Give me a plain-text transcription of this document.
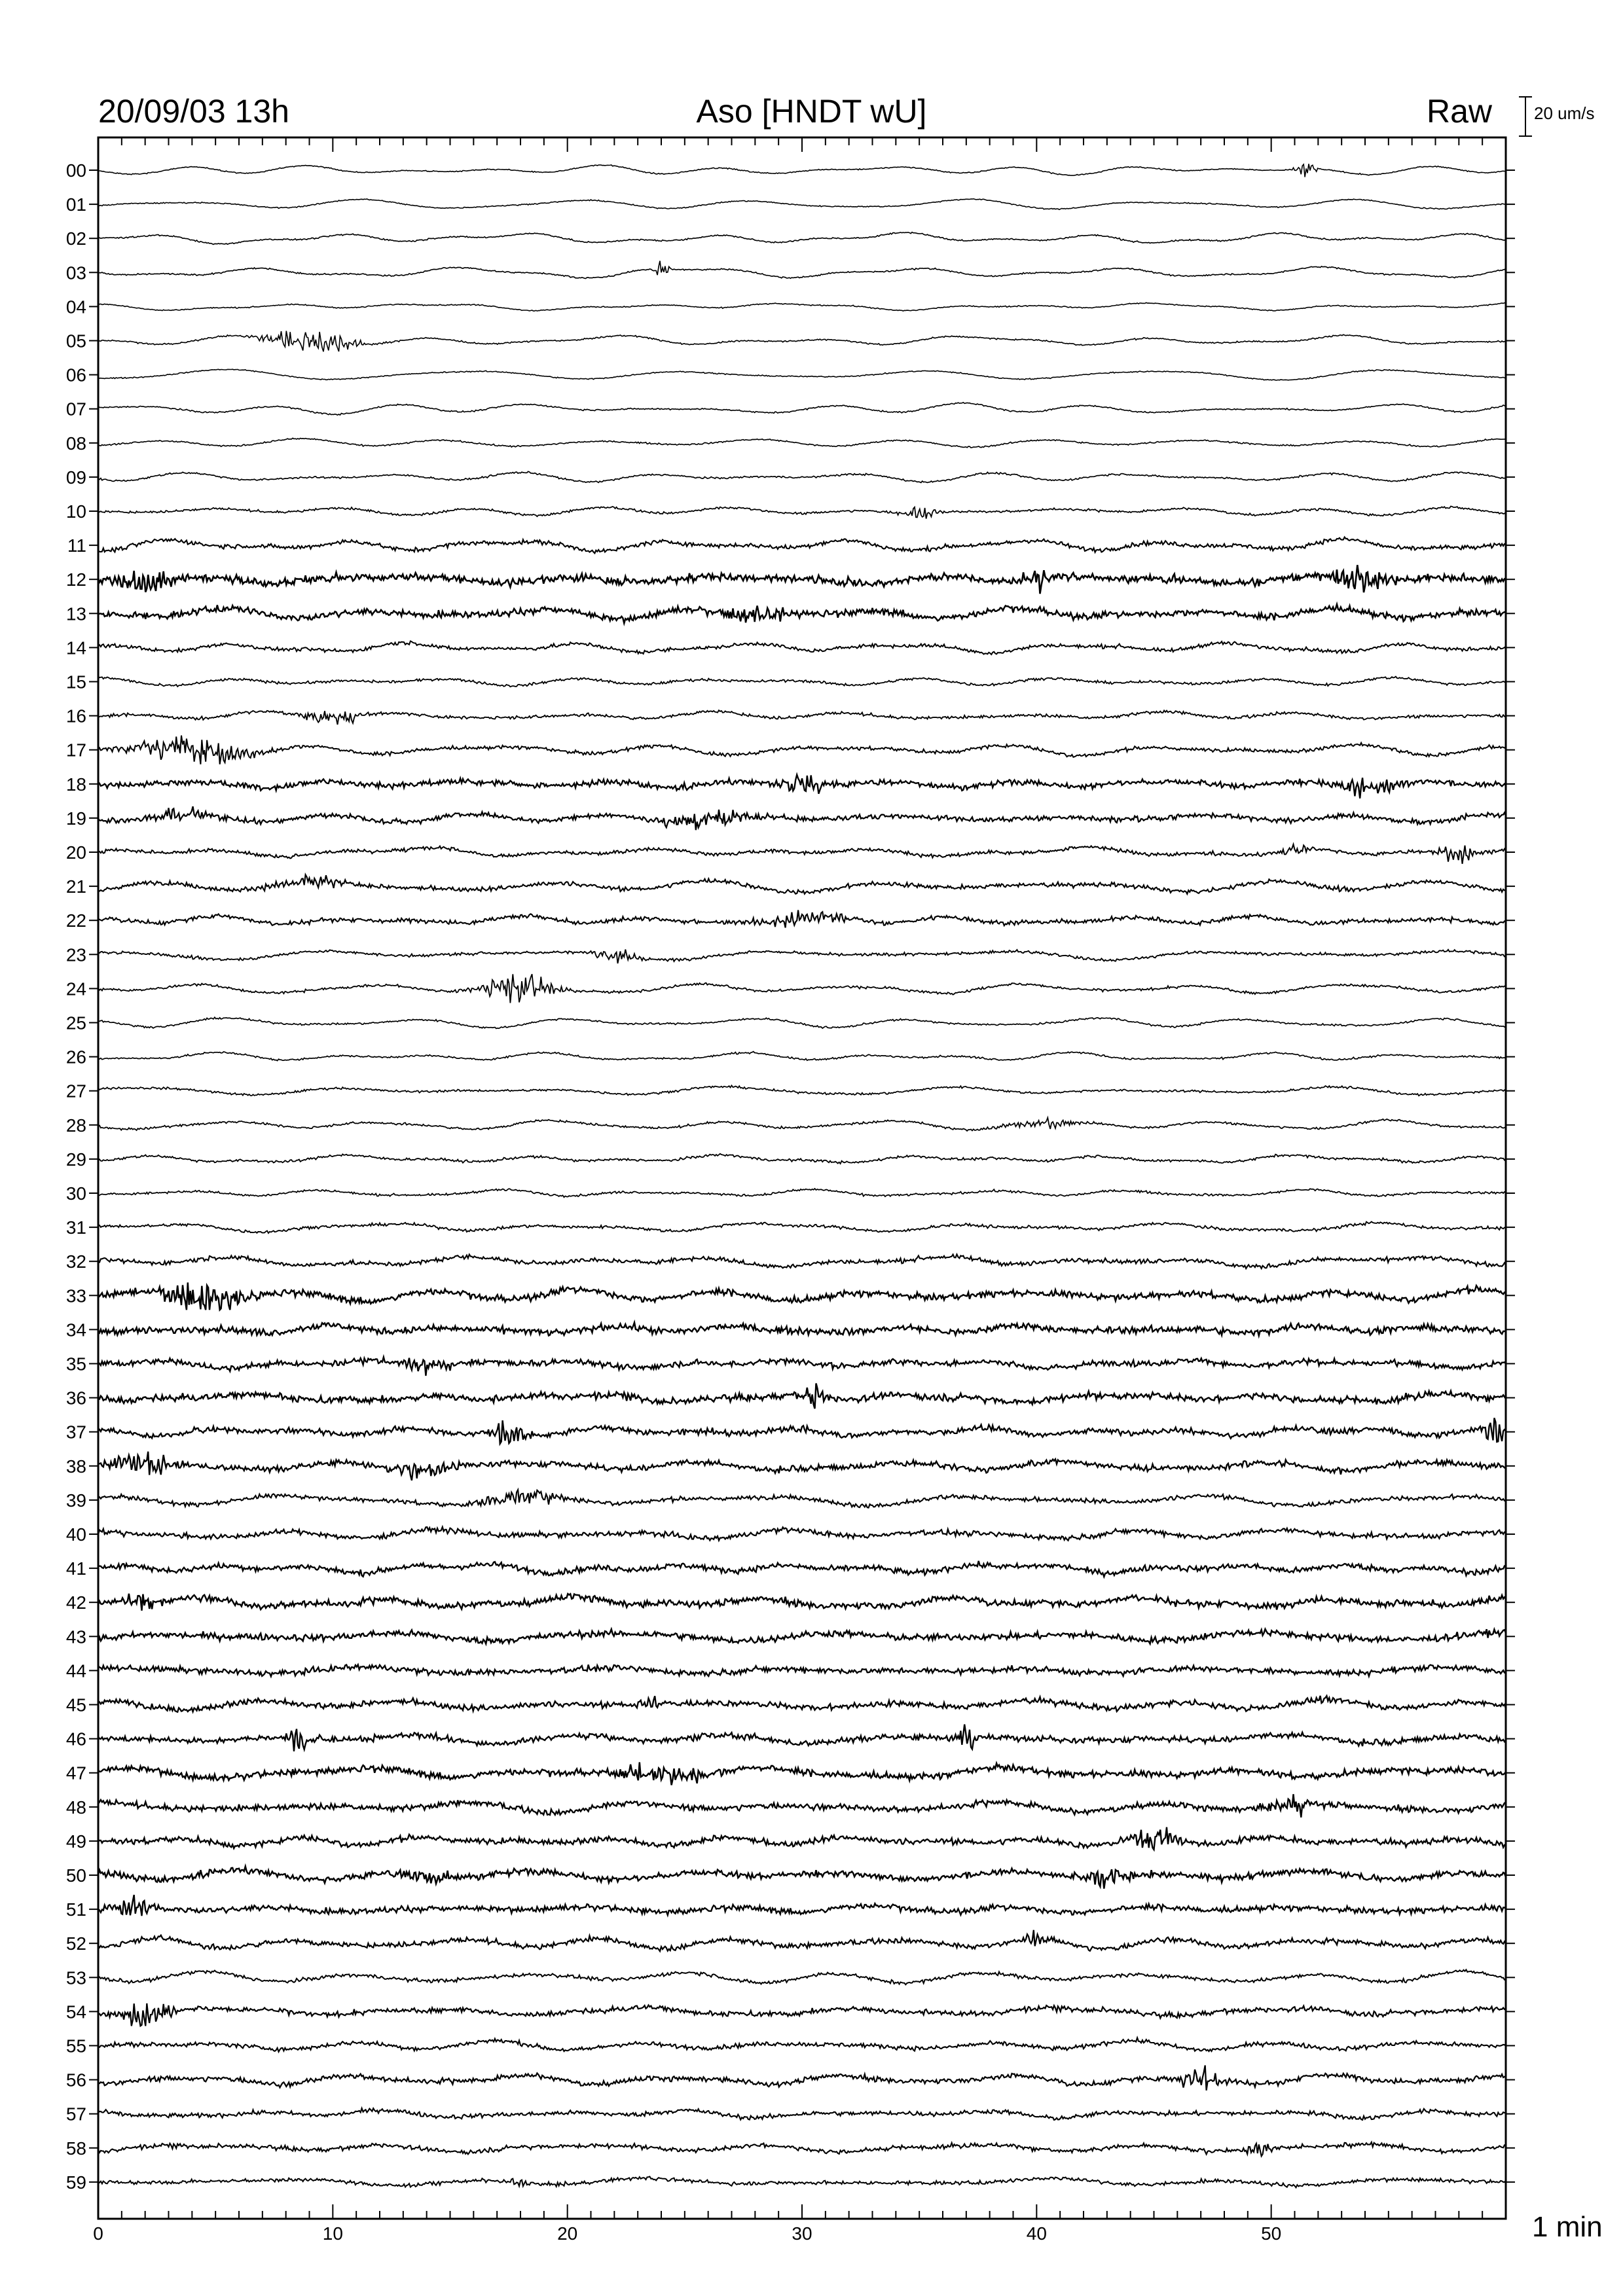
20/09/03 13h	Aso [HNDT wU]	Raw 20 um/s
1 min
00
01
02
03
04
05
06
07
08
09
10
11
12
13
14
15
16
17
18
19
20
21
22
23
24
25
26
27
28
29
30
31
32
33
34
35
36
37
38
39
40
41
42
43
44
45
46
47
48
49
50
51
52
53
54
55
56
57
58
59
0	10	20	30	40	50
